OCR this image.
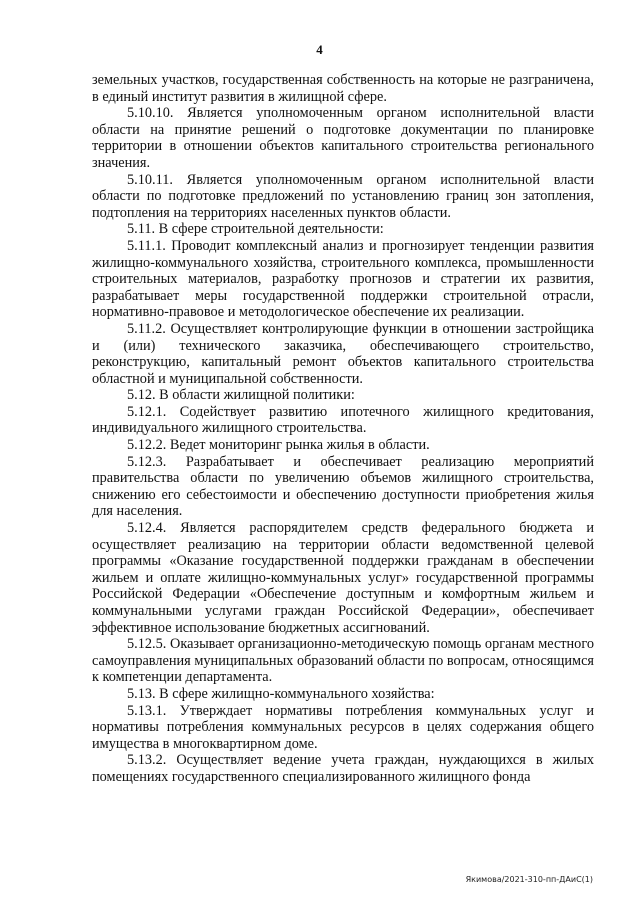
4

земельных участков, государственная собственность на которые не разграничена, в единый институт развития в жилищной сфере.

5.10.10. Является уполномоченным органом исполнительной власти области на принятие решений о подготовке документации по планировке территории в отношении объектов капитального строительства регионального значения.

5.10.11. Является уполномоченным органом исполнительной власти области по подготовке предложений по установлению границ зон затопления, подтопления на территориях населенных пунктов области.

5.11. В сфере строительной деятельности:

5.11.1. Проводит комплексный анализ и прогнозирует тенденции развития жилищно-коммунального хозяйства, строительного комплекса, промышленности строительных материалов, разработку прогнозов и стратегии их развития, разрабатывает меры государственной поддержки строительной отрасли, нормативно-правовое и методологическое обеспечение их реализации.

5.11.2. Осуществляет контролирующие функции в отношении застройщика и (или) технического заказчика, обеспечивающего строительство, реконструкцию, капитальный ремонт объектов капитального строительства областной и муниципальной собственности.

5.12. В области жилищной политики:

5.12.1. Содействует развитию ипотечного жилищного кредитования, индивидуального жилищного строительства.

5.12.2. Ведет мониторинг рынка жилья в области.

5.12.3. Разрабатывает и обеспечивает реализацию мероприятий правительства области по увеличению объемов жилищного строительства, снижению его себестоимости и обеспечению доступности приобретения жилья для населения.

5.12.4. Является распорядителем средств федерального бюджета и осуществляет реализацию на территории области ведомственной целевой программы «Оказание государственной поддержки гражданам в обеспечении жильем и оплате жилищно-коммунальных услуг» государственной программы Российской Федерации «Обеспечение доступным и комфортным жильем и коммунальными услугами граждан Российской Федерации», обеспечивает эффективное использование бюджетных ассигнований.

5.12.5. Оказывает организационно-методическую помощь органам местного самоуправления муниципальных образований области по вопросам, относящимся к компетенции департамента.

5.13. В сфере жилищно-коммунального хозяйства:

5.13.1. Утверждает нормативы потребления коммунальных услуг и нормативы потребления коммунальных ресурсов в целях содержания общего имущества в многоквартирном доме.

5.13.2. Осуществляет ведение учета граждан, нуждающихся в жилых помещениях государственного специализированного жилищного фонда

Якимова/2021-310-пп-ДАиС(1)
